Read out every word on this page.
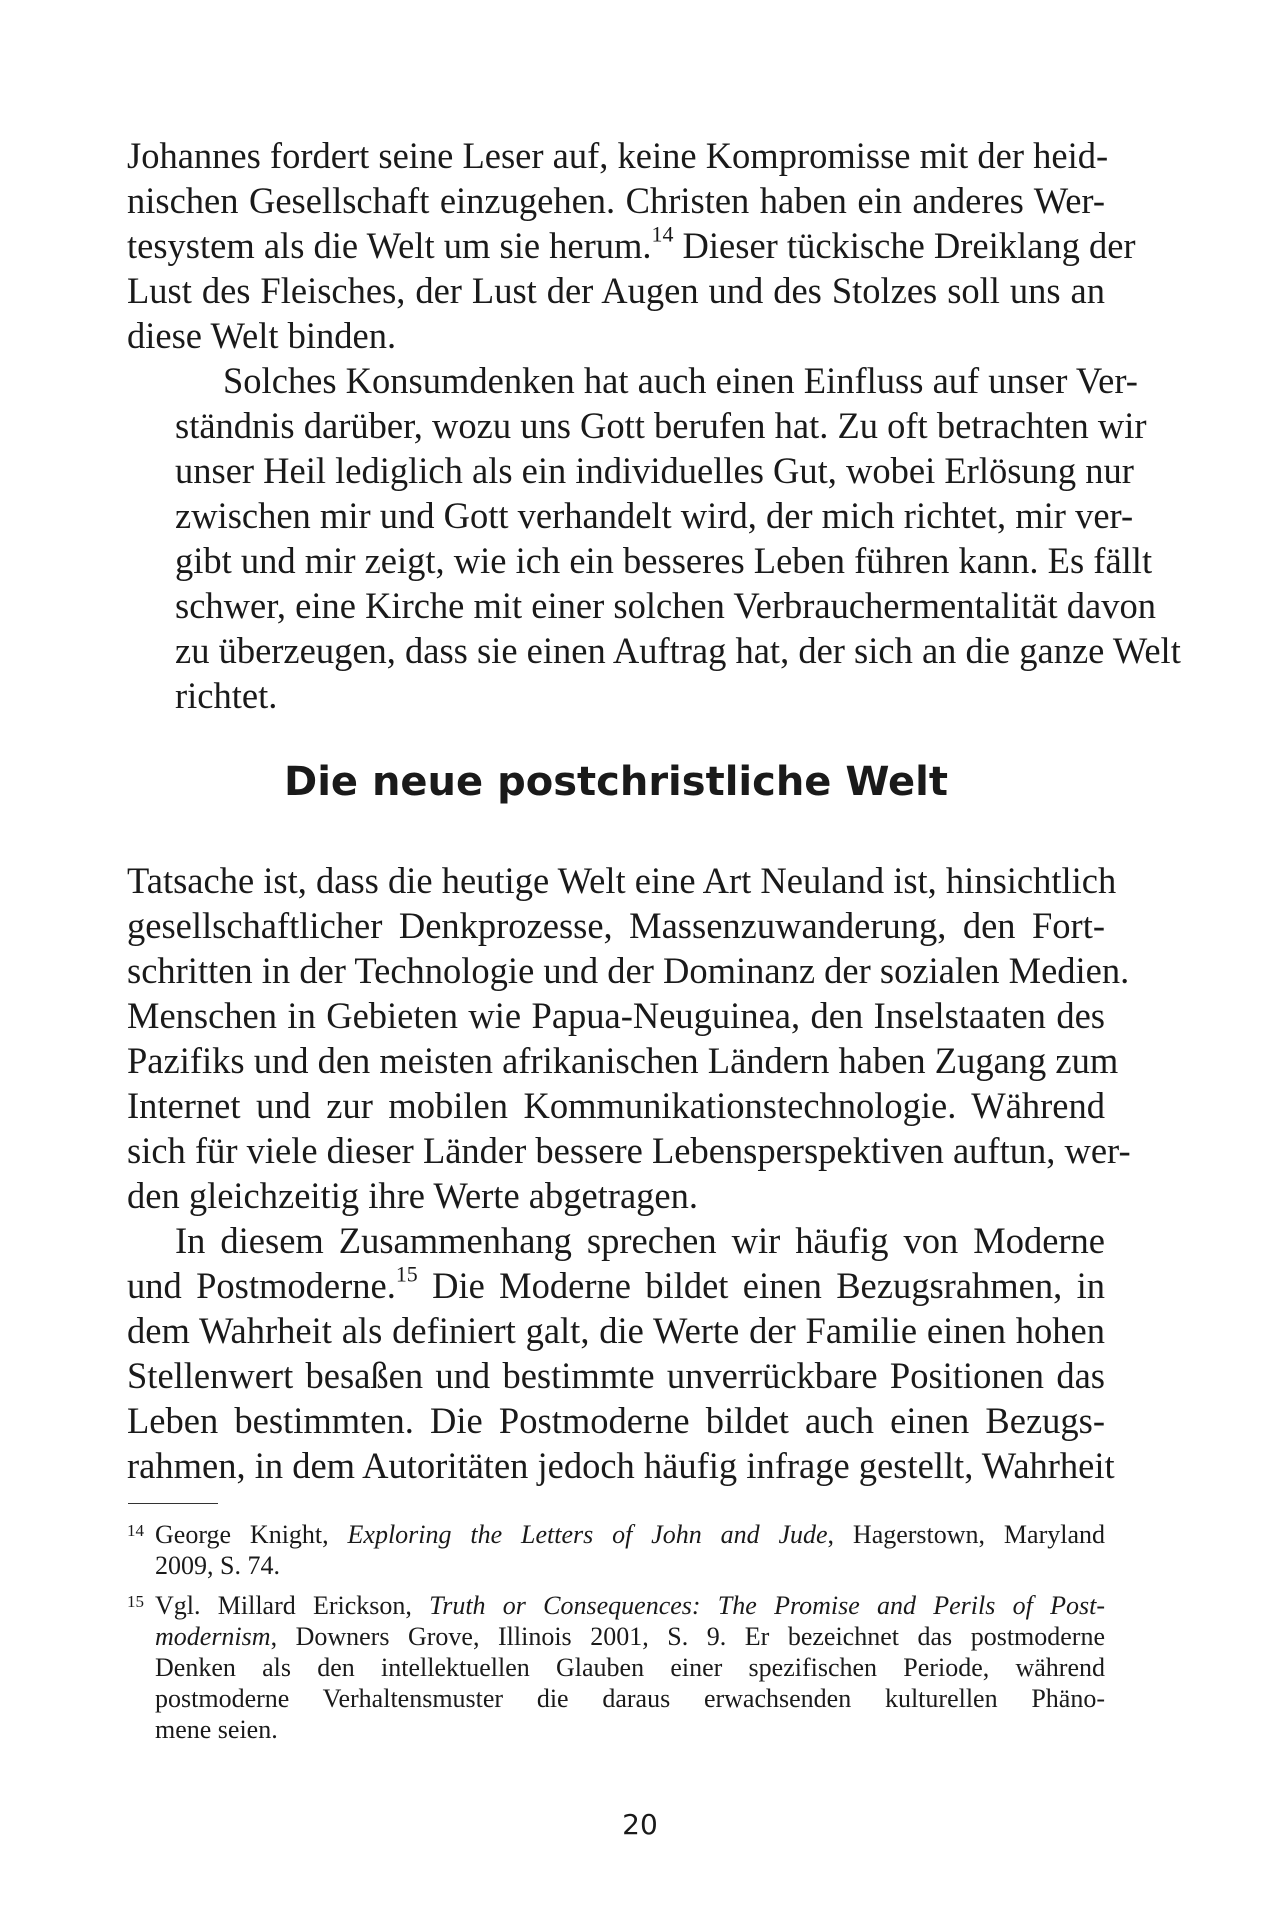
Johannes fordert seine Leser auf, keine Kompromisse mit der heid-
nischen Gesellschaft einzugehen. Christen haben ein anderes Wer-
tesystem als die Welt um sie herum.$^{14}$ Dieser tückische Dreiklang der
Lust des Fleisches, der Lust der Augen und des Stolzes soll uns an
diese Welt binden.

Solches Konsumdenken hat auch einen Einfluss auf unser Ver-
ständnis darüber, wozu uns Gott berufen hat. Zu oft betrachten wir
unser Heil lediglich als ein individuelles Gut, wobei Erlösung nur
zwischen mir und Gott verhandelt wird, der mich richtet, mir ver-
gibt und mir zeigt, wie ich ein besseres Leben führen kann. Es fällt
schwer, eine Kirche mit einer solchen Verbrauchermentalität davon
zu überzeugen, dass sie einen Auftrag hat, der sich an die ganze Welt
richtet.

Die neue postchristliche Welt

Tatsache ist, dass die heutige Welt eine Art Neuland ist, hinsichtlich
gesellschaftlicher Denkprozesse, Massenzuwanderung, den Fort-
schritten in der Technologie und der Dominanz der sozialen Medien.
Menschen in Gebieten wie Papua-Neuguinea, den Inselstaaten des
Pazifiks und den meisten afrikanischen Ländern haben Zugang zum
Internet und zur mobilen Kommunikationstechnologie. Während
sich für viele dieser Länder bessere Lebensperspektiven auftun, wer-
den gleichzeitig ihre Werte abgetragen.

In diesem Zusammenhang sprechen wir häufig von Moderne
und Postmoderne.$^{15}$ Die Moderne bildet einen Bezugsrahmen, in
dem Wahrheit als definiert galt, die Werte der Familie einen hohen
Stellenwert besaßen und bestimmte unverrückbare Positionen das
Leben bestimmten. Die Postmoderne bildet auch einen Bezugs-
rahmen, in dem Autoritäten jedoch häufig infrage gestellt, Wahrheit

14 George Knight, Exploring the Letters of John and Jude, Hagerstown, Maryland
2009, S. 74.
15 Vgl. Millard Erickson, Truth or Consequences: The Promise and Perils of Post-
modernism, Downers Grove, Illinois 2001, S. 9. Er bezeichnet das postmoderne
Denken als den intellektuellen Glauben einer spezifischen Periode, während
postmoderne Verhaltensmuster die daraus erwachsenden kulturellen Phäno-
mene seien.
20
